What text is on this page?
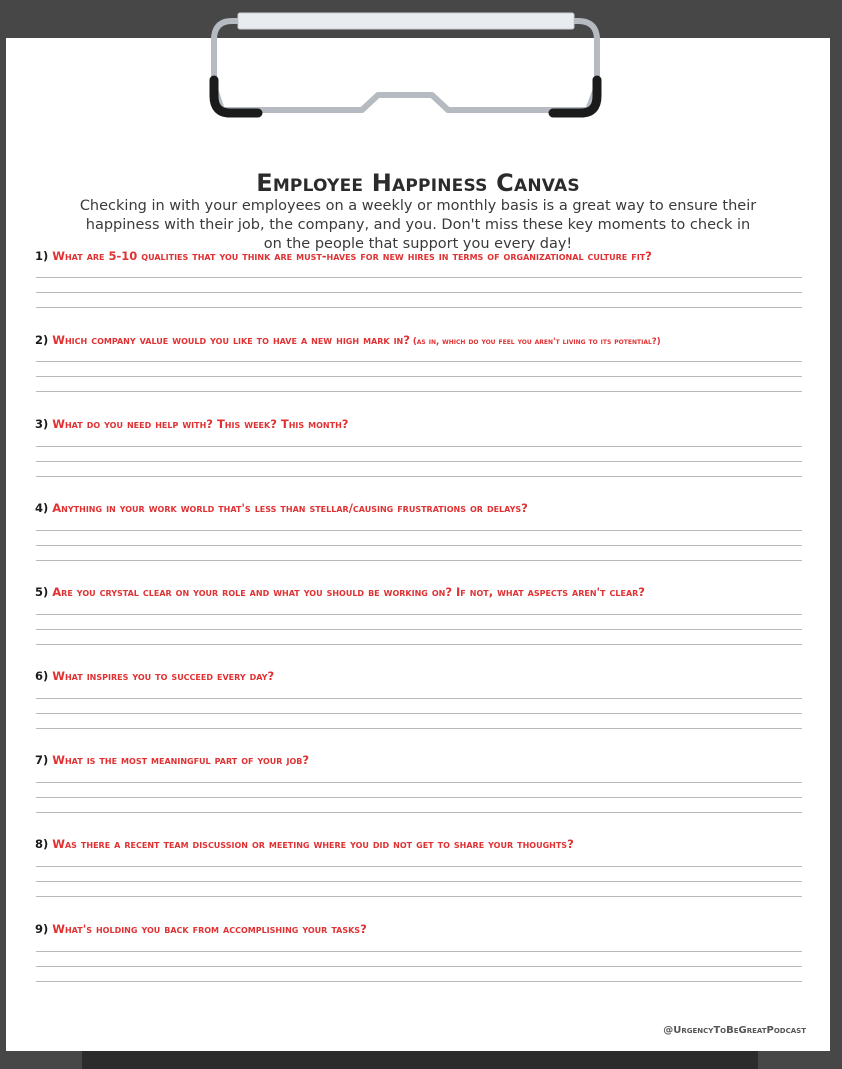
Employee Happiness Canvas
Checking in with your employees on a weekly or monthly basis is a great way to ensure their happiness with their job, the company, and you. Don't miss these key moments to check in on the people that support you every day!
1) What are 5-10 qualities that you think are must-haves for new hires in terms of organizational culture fit?
2) Which company value would you like to have a new high mark in? (as in, which do you feel you aren't living to its potential?)
3) What do you need help with? This week? This month?
4) Anything in your work world that's less than stellar/causing frustrations or delays?
5) Are you crystal clear on your role and what you should be working on? If not, what aspects aren't clear?
6) What inspires you to succeed every day?
7) What is the most meaningful part of your job?
8) Was there a recent team discussion or meeting where you did not get to share your thoughts?
9) What's holding you back from accomplishing your tasks?
@UrgencyToBeGreatPodcast
